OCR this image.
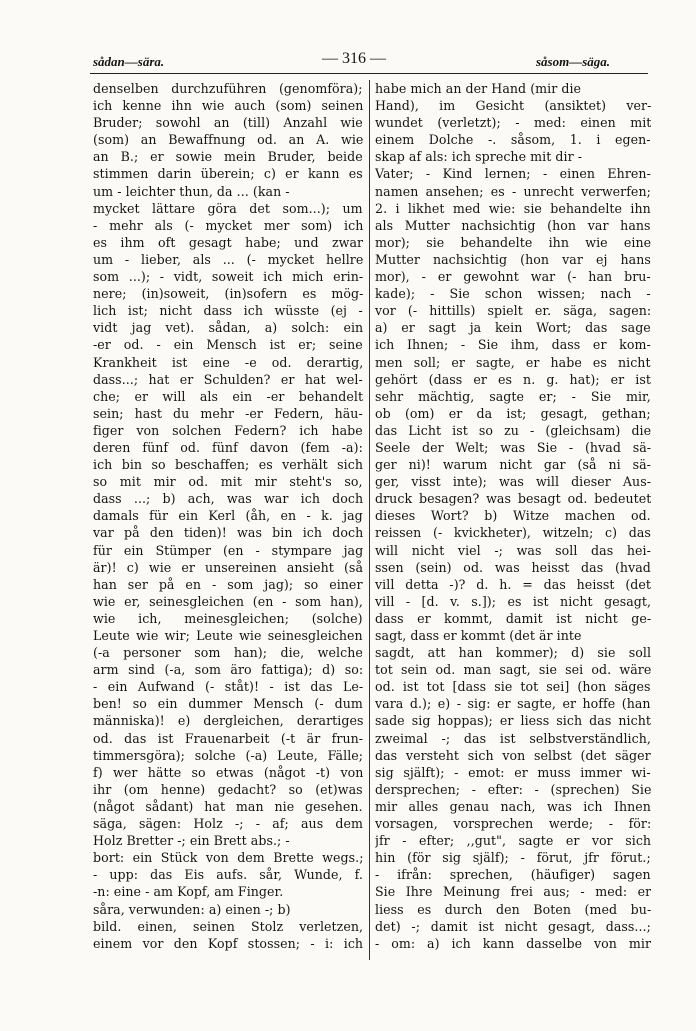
sådan—sära.	— 316 —	såsom—säga.
denselben durchzuführen (genomföra);
ich kenne ihn wie auch (som) seinen
Bruder; sowohl an (till) Anzahl wie
(som) an Bewaffnung od. an A. wie
an B.; er sowie mein Bruder, beide
stimmen darin überein; c) er kann es
um - leichter thun, da ... (kan -
mycket lättare göra det som...); um
- mehr als (- mycket mer som) ich
es ihm oft gesagt habe; und zwar
um - lieber, als ... (- mycket hellre
som ...); - vidt, soweit ich mich erin-
nere; (in)soweit, (in)sofern es mög-
lich ist; nicht dass ich wüsste (ej -
vidt jag vet). sådan, a) solch: ein
-er od. - ein Mensch ist er; seine
Krankheit ist eine -e od. derartig,
dass...; hat er Schulden? er hat wel-
che; er will als ein -er behandelt
sein; hast du mehr -er Federn, häu-
figer von solchen Federn? ich habe
deren fünf od. fünf davon (fem -a):
ich bin so beschaffen; es verhält sich
so mit mir od. mit mir steht's so,
dass ...; b) ach, was war ich doch
damals für ein Kerl (åh, en - k. jag
var på den tiden)! was bin ich doch
für ein Stümper (en - stympare jag
är)! c) wie er unsereinen ansieht (så
han ser på en - som jag); so einer
wie er, seinesgleichen (en - som han),
wie ich, meinesgleichen; (solche)
Leute wie wir; Leute wie seinesgleichen
(-a personer som han); die, welche
arm sind (-a, som äro fattiga); d) so:
- ein Aufwand (- ståt)! - ist das Le-
ben! so ein dummer Mensch (- dum
människa)! e) dergleichen, derartiges
od. das ist Frauenarbeit (-t är frun-
timmersgöra); solche (-a) Leute, Fälle;
f) wer hätte so etwas (något -t) von
ihr (om henne) gedacht? so (et)was
(något sådant) hat man nie gesehen.
säga, sägen: Holz -; - af; aus dem
Holz Bretter -; ein Brett abs.; -
bort: ein Stück von dem Brette wegs.;
- upp: das Eis aufs. sår, Wunde, f.
-n: eine - am Kopf, am Finger.
såra, verwunden: a) einen -; b)
bild. einen, seinen Stolz verletzen,
einem vor den Kopf stossen; - i: ich
habe mich an der Hand (mir die
Hand), im Gesicht (ansiktet) ver-
wundet (verletzt); - med: einen mit
einem Dolche -. såsom, 1. i egen-
skap af als: ich spreche mit dir -
Vater; - Kind lernen; - einen Ehren-
namen ansehen; es - unrecht verwerfen;
2. i likhet med wie: sie behandelte ihn
als Mutter nachsichtig (hon var hans
mor); sie behandelte ihn wie eine
Mutter nachsichtig (hon var ej hans
mor), - er gewohnt war (- han bru-
kade); - Sie schon wissen; nach -
vor (- hittills) spielt er. säga, sagen:
a) er sagt ja kein Wort; das sage
ich Ihnen; - Sie ihm, dass er kom-
men soll; er sagte, er habe es nicht
gehört (dass er es n. g. hat); er ist
sehr mächtig, sagte er; - Sie mir,
ob (om) er da ist; gesagt, gethan;
das Licht ist so zu - (gleichsam) die
Seele der Welt; was Sie - (hvad sä-
ger ni)! warum nicht gar (så ni sä-
ger, visst inte); was will dieser Aus-
druck besagen? was besagt od. bedeutet
dieses Wort? b) Witze machen od.
reissen (- kvickheter), witzeln; c) das
will nicht viel -; was soll das hei-
ssen (sein) od. was heisst das (hvad
vill detta -)? d. h. = das heisst (det
vill - [d. v. s.]); es ist nicht gesagt,
dass er kommt, damit ist nicht ge-
sagt, dass er kommt (det är inte
sagdt, att han kommer); d) sie soll
tot sein od. man sagt, sie sei od. wäre
od. ist tot [dass sie tot sei] (hon säges
vara d.); e) - sig: er sagte, er hoffe (han
sade sig hoppas); er liess sich das nicht
zweimal -; das ist selbstverständlich,
das versteht sich von selbst (det säger
sig själft); - emot: er muss immer wi-
dersprechen; - efter: - (sprechen) Sie
mir alles genau nach, was ich Ihnen
vorsagen, vorsprechen werde; - för:
jfr - efter; ,,gut", sagte er vor sich
hin (för sig själf); - förut, jfr förut.;
- ifrån: sprechen, (häufiger) sagen
Sie Ihre Meinung frei aus; - med: er
liess es durch den Boten (med bu-
det) -; damit ist nicht gesagt, dass...;
- om: a) ich kann dasselbe von mir
